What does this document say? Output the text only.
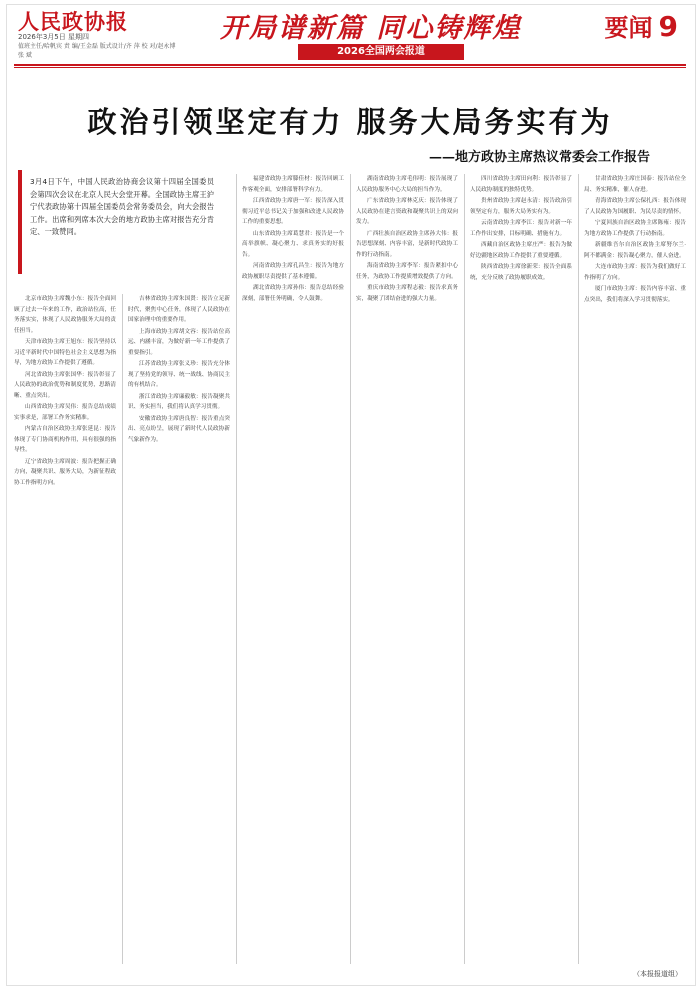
人民政协报
2026年3月5日 星期四
值班主任/哈帆宾 责 编/王金磊 版式设计/齐 萍 校 对/赵永博 张 斌
开局谱新篇 同心铸辉煌	要闻 9
2026全国两会报道
政治引领坚定有力 服务大局务实有为
——地方政协主席热议常委会工作报告

北京市政协主席魏小东：报告全面回顾了过去一年来的工作，政治站位高，任务落实实，体现了人民政协服务大局的责任担当。

天津市政协主席王旭东：报告坚持以习近平新时代中国特色社会主义思想为指导，为地方政协工作提供了遵循。

河北省政协主席张国华：报告彰显了人民政协的政治优势和制度优势，思路清晰、重点突出。

山西省政协主席吴伟：报告总结成绩实事求是，部署工作务实精准。

内蒙古自治区政协主席张延昆：报告体现了专门协商机构作用，具有很强的指导性。

辽宁省政协主席周波：报告把握正确方向，凝聚共识、服务大局，为新征程政协工作指明方向。

吉林省政协主席朱国贤：报告立足新时代，聚焦中心任务，体现了人民政协在国家治理中的重要作用。

上海市政协主席胡文容：报告站位高远、内涵丰富，为做好新一年工作提供了重要指引。

江苏省政协主席张义珍：报告充分体现了坚持党的领导、统一战线、协商民主的有机结合。

浙江省政协主席廉毅敏：报告凝聚共识、务实担当，我们将认真学习贯彻。

安徽省政协主席唐良智：报告重点突出、亮点纷呈，展现了新时代人民政协新气象新作为。

福建省政协主席滕佳材：报告回顾工作客观全面，安排部署科学有力。

江西省政协主席唐一军：报告深入贯彻习近平总书记关于加强和改进人民政协工作的重要思想。

山东省政协主席葛慧君：报告是一个高举旗帜、凝心聚力、求真务实的好报告。

河南省政协主席孔昌生：报告为地方政协履职尽责提供了基本遵循。

湖北省政协主席孙伟：报告总结经验深刻，部署任务明确，令人鼓舞。

湖南省政协主席毛伟明：报告展现了人民政协服务中心大局的担当作为。

广东省政协主席林克庆：报告体现了人民政协在建言资政和凝聚共识上的双向发力。

广西壮族自治区政协主席孙大伟：报告思想深刻、内容丰富，是新时代政协工作的行动指南。

海南省政协主席李军：报告紧扣中心任务，为政协工作提质增效提供了方向。

重庆市政协主席程志毅：报告求真务实，凝聚了团结奋进的强大力量。

四川省政协主席田向利：报告彰显了人民政协制度的独特优势。

贵州省政协主席赵永清：报告政治引领坚定有力，服务大局务实有为。

云南省政协主席李江：报告对新一年工作作出安排，目标明确、措施有力。

西藏自治区政协主席庄严：报告为做好边疆地区政协工作提供了重要遵循。

陕西省政协主席徐新荣：报告全面系统，充分反映了政协履职成效。

甘肃省政协主席庄国泰：报告站位全局、务实精准，催人奋进。

青海省政协主席公保扎西：报告体现了人民政协为国履职、为民尽责的情怀。

宁夏回族自治区政协主席陈雍：报告为地方政协工作提供了行动指南。

新疆维吾尔自治区政协主席努尔兰·阿不都满金：报告凝心聚力，催人奋进。

大连市政协主席：报告为我们做好工作指明了方向。

厦门市政协主席：报告内容丰富、重点突出，我们将深入学习贯彻落实。

3月4日下午，中国人民政治协商会议第十四届全国委员会第四次会议在北京人民大会堂开幕。全国政协主席王沪宁代表政协第十四届全国委员会常务委员会，向大会报告工作。出席和列席本次大会的地方政协主席对报告充分肯定、一致赞同。
（本报报道组）
